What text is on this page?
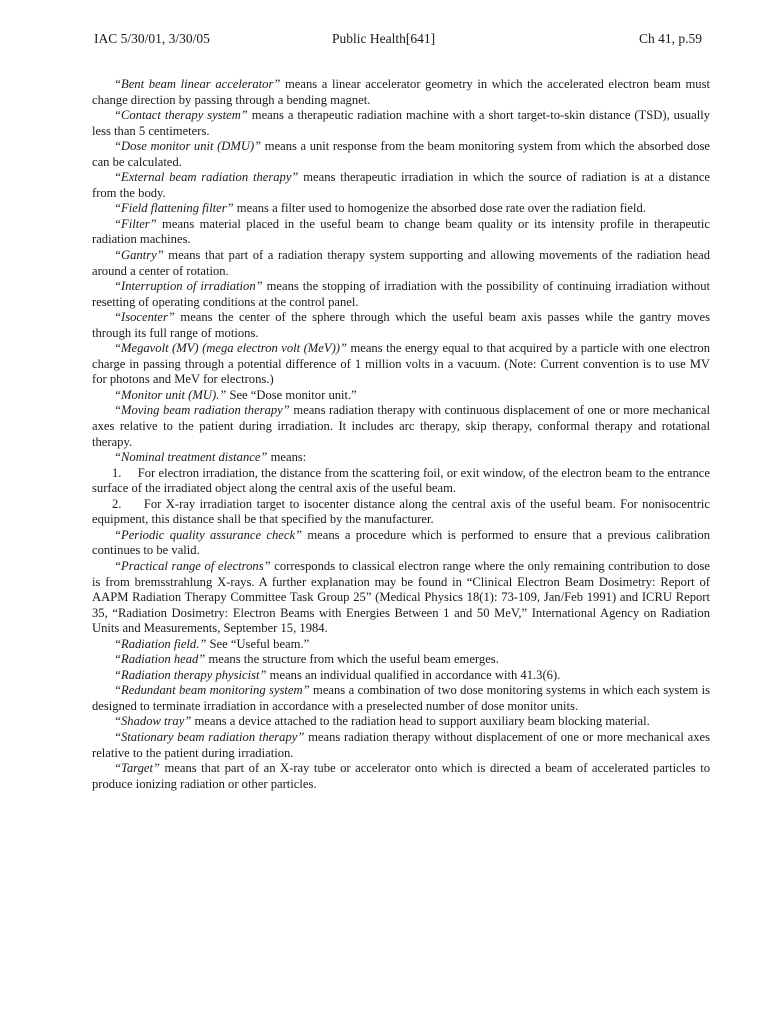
IAC 5/30/01, 3/30/05	Public Health[641]	Ch 41, p.59

“Bent beam linear accelerator” means a linear accelerator geometry in which the accelerated electron beam must change direction by passing through a bending magnet.

“Contact therapy system” means a therapeutic radiation machine with a short target-to-skin distance (TSD), usually less than 5 centimeters.

“Dose monitor unit (DMU)” means a unit response from the beam monitoring system from which the absorbed dose can be calculated.

“External beam radiation therapy” means therapeutic irradiation in which the source of radiation is at a distance from the body.

“Field flattening filter” means a filter used to homogenize the absorbed dose rate over the radiation field.

“Filter” means material placed in the useful beam to change beam quality or its intensity profile in therapeutic radiation machines.

“Gantry” means that part of a radiation therapy system supporting and allowing movements of the radiation head around a center of rotation.

“Interruption of irradiation” means the stopping of irradiation with the possibility of continuing irradiation without resetting of operating conditions at the control panel.

“Isocenter” means the center of the sphere through which the useful beam axis passes while the gantry moves through its full range of motions.

“Megavolt (MV) (mega electron volt (MeV))” means the energy equal to that acquired by a particle with one electron charge in passing through a potential difference of 1 million volts in a vacuum. (Note: Current convention is to use MV for photons and MeV for electrons.)

“Monitor unit (MU).” See “Dose monitor unit.”

“Moving beam radiation therapy” means radiation therapy with continuous displacement of one or more mechanical axes relative to the patient during irradiation. It includes arc therapy, skip therapy, conformal therapy and rotational therapy.

“Nominal treatment distance” means:

1. For electron irradiation, the distance from the scattering foil, or exit window, of the electron beam to the entrance surface of the irradiated object along the central axis of the useful beam.

2. For X-ray irradiation target to isocenter distance along the central axis of the useful beam. For nonisocentric equipment, this distance shall be that specified by the manufacturer.

“Periodic quality assurance check” means a procedure which is performed to ensure that a previous calibration continues to be valid.

“Practical range of electrons” corresponds to classical electron range where the only remaining contribution to dose is from bremsstrahlung X-rays. A further explanation may be found in “Clinical Electron Beam Dosimetry: Report of AAPM Radiation Therapy Committee Task Group 25” (Medical Physics 18(1): 73-109, Jan/Feb 1991) and ICRU Report 35, “Radiation Dosimetry: Electron Beams with Energies Between 1 and 50 MeV,” International Agency on Radiation Units and Measurements, September 15, 1984.

“Radiation field.” See “Useful beam.”

“Radiation head” means the structure from which the useful beam emerges.

“Radiation therapy physicist” means an individual qualified in accordance with 41.3(6).

“Redundant beam monitoring system” means a combination of two dose monitoring systems in which each system is designed to terminate irradiation in accordance with a preselected number of dose monitor units.

“Shadow tray” means a device attached to the radiation head to support auxiliary beam blocking material.

“Stationary beam radiation therapy” means radiation therapy without displacement of one or more mechanical axes relative to the patient during irradiation.

“Target” means that part of an X-ray tube or accelerator onto which is directed a beam of accelerated particles to produce ionizing radiation or other particles.
